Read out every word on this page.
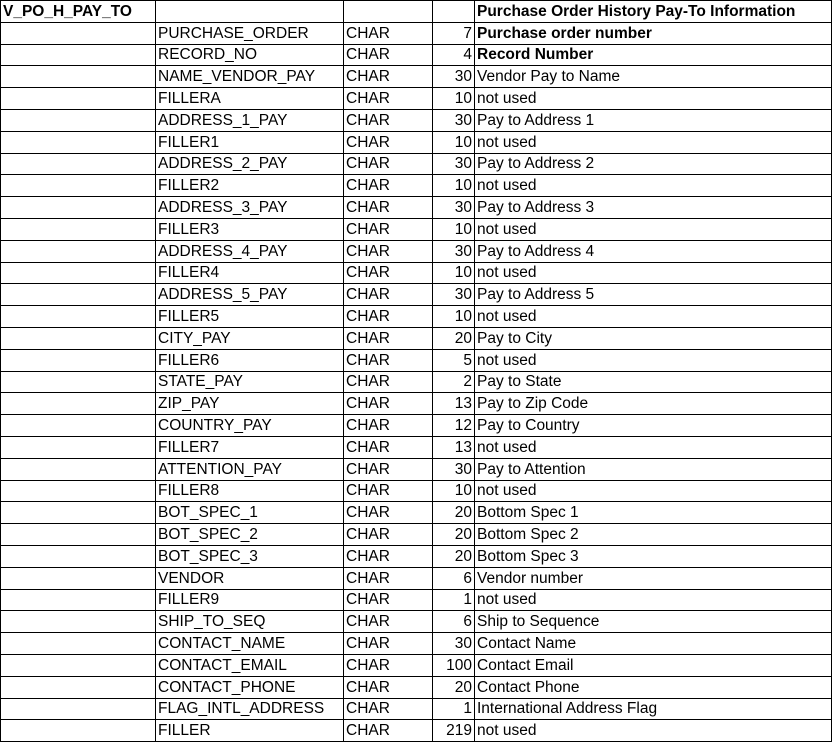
V_PO_H_PAY_TO				Purchase Order History Pay-To Information
	PURCHASE_ORDER	CHAR	7	Purchase order number
	RECORD_NO	CHAR	4	Record Number
	NAME_VENDOR_PAY	CHAR	30	Vendor Pay to Name
	FILLERA	CHAR	10	not used
	ADDRESS_1_PAY	CHAR	30	Pay to Address 1
	FILLER1	CHAR	10	not used
	ADDRESS_2_PAY	CHAR	30	Pay to Address 2
	FILLER2	CHAR	10	not used
	ADDRESS_3_PAY	CHAR	30	Pay to Address 3
	FILLER3	CHAR	10	not used
	ADDRESS_4_PAY	CHAR	30	Pay to Address 4
	FILLER4	CHAR	10	not used
	ADDRESS_5_PAY	CHAR	30	Pay to Address 5
	FILLER5	CHAR	10	not used
	CITY_PAY	CHAR	20	Pay to City
	FILLER6	CHAR	5	not used
	STATE_PAY	CHAR	2	Pay to State
	ZIP_PAY	CHAR	13	Pay to Zip Code
	COUNTRY_PAY	CHAR	12	Pay to Country
	FILLER7	CHAR	13	not used
	ATTENTION_PAY	CHAR	30	Pay to Attention
	FILLER8	CHAR	10	not used
	BOT_SPEC_1	CHAR	20	Bottom Spec 1
	BOT_SPEC_2	CHAR	20	Bottom Spec 2
	BOT_SPEC_3	CHAR	20	Bottom Spec 3
	VENDOR	CHAR	6	Vendor number
	FILLER9	CHAR	1	not used
	SHIP_TO_SEQ	CHAR	6	Ship to Sequence
	CONTACT_NAME	CHAR	30	Contact Name
	CONTACT_EMAIL	CHAR	100	Contact Email
	CONTACT_PHONE	CHAR	20	Contact Phone
	FLAG_INTL_ADDRESS	CHAR	1	International Address Flag
	FILLER	CHAR	219	not used
